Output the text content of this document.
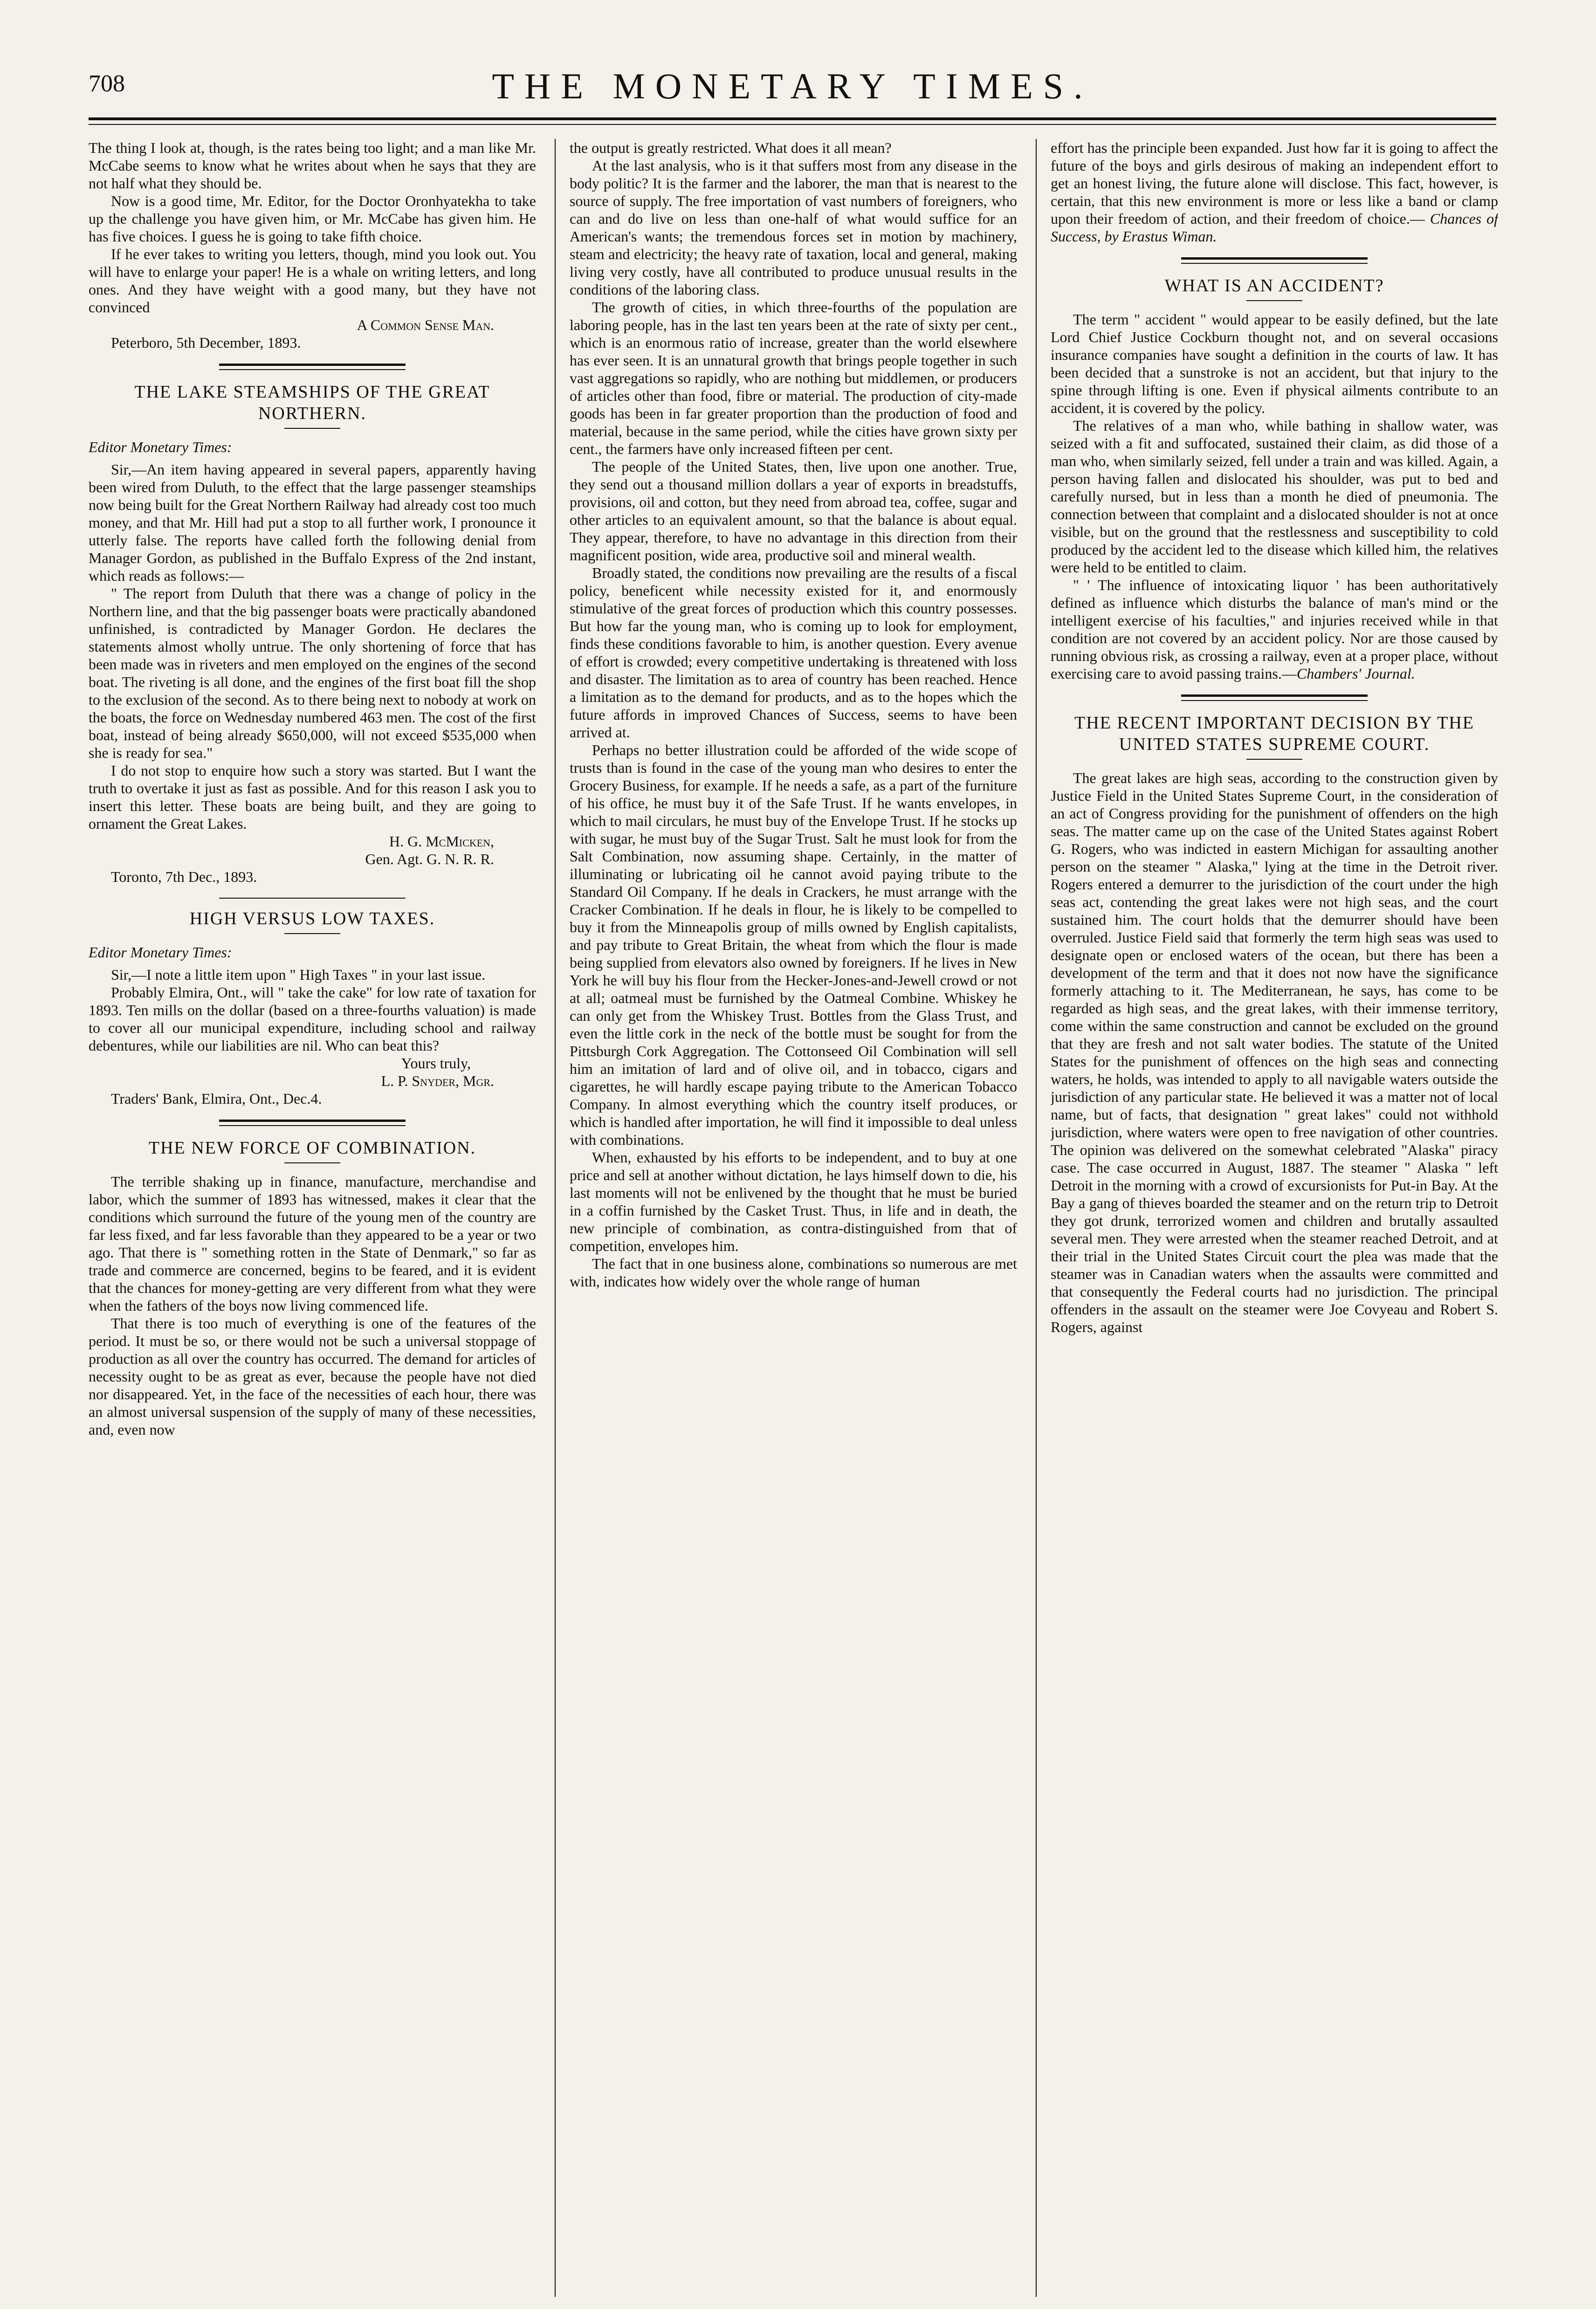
708	THE MONETARY TIMES.

The thing I look at, though, is the rates being too light; and a man like Mr. McCabe seems to know what he writes about when he says that they are not half what they should be.

Now is a good time, Mr. Editor, for the Doctor Oronhyatekha to take up the challenge you have given him, or Mr. McCabe has given him. He has five choices. I guess he is going to take fifth choice.

If he ever takes to writing you letters, though, mind you look out. You will have to enlarge your paper! He is a whale on writing letters, and long ones. And they have weight with a good many, but they have not convinced

A Common Sense Man.

Peterboro, 5th December, 1893.

THE LAKE STEAMSHIPS OF THE GREAT NORTHERN.

Editor Monetary Times:

Sir,—An item having appeared in several papers, apparently having been wired from Duluth, to the effect that the large passenger steamships now being built for the Great Northern Railway had already cost too much money, and that Mr. Hill had put a stop to all further work, I pronounce it utterly false. The reports have called forth the following denial from Manager Gordon, as published in the Buffalo Express of the 2nd instant, which reads as follows:—

" The report from Duluth that there was a change of policy in the Northern line, and that the big passenger boats were practically abandoned unfinished, is contradicted by Manager Gordon. He declares the statements almost wholly untrue. The only shortening of force that has been made was in riveters and men employed on the engines of the second boat. The riveting is all done, and the engines of the first boat fill the shop to the exclusion of the second. As to there being next to nobody at work on the boats, the force on Wednesday numbered 463 men. The cost of the first boat, instead of being already $650,000, will not exceed $535,000 when she is ready for sea."

I do not stop to enquire how such a story was started. But I want the truth to overtake it just as fast as possible. And for this reason I ask you to insert this letter. These boats are being built, and they are going to ornament the Great Lakes.

H. G. McMicken,

Gen. Agt. G. N. R. R.

Toronto, 7th Dec., 1893.

HIGH VERSUS LOW TAXES.

Editor Monetary Times:

Sir,—I note a little item upon " High Taxes " in your last issue.

Probably Elmira, Ont., will " take the cake" for low rate of taxation for 1893. Ten mills on the dollar (based on a three-fourths valuation) is made to cover all our municipal expenditure, including school and railway debentures, while our liabilities are nil. Who can beat this?

Yours truly,

L. P. Snyder, Mgr.

Traders' Bank, Elmira, Ont., Dec.4.

THE NEW FORCE OF COMBINATION.

The terrible shaking up in finance, manufacture, merchandise and labor, which the summer of 1893 has witnessed, makes it clear that the conditions which surround the future of the young men of the country are far less fixed, and far less favorable than they appeared to be a year or two ago. That there is " something rotten in the State of Denmark," so far as trade and commerce are concerned, begins to be feared, and it is evident that the chances for money-getting are very different from what they were when the fathers of the boys now living commenced life.

That there is too much of everything is one of the features of the period. It must be so, or there would not be such a universal stoppage of production as all over the country has occurred. The demand for articles of necessity ought to be as great as ever, because the people have not died nor disappeared. Yet, in the face of the necessities of each hour, there was an almost universal suspension of the supply of many of these necessities, and, even now

the output is greatly restricted. What does it all mean?

At the last analysis, who is it that suffers most from any disease in the body politic? It is the farmer and the laborer, the man that is nearest to the source of supply. The free importation of vast numbers of foreigners, who can and do live on less than one-half of what would suffice for an American's wants; the tremendous forces set in motion by machinery, steam and electricity; the heavy rate of taxation, local and general, making living very costly, have all contributed to produce unusual results in the conditions of the laboring class.

The growth of cities, in which three-fourths of the population are laboring people, has in the last ten years been at the rate of sixty per cent., which is an enormous ratio of increase, greater than the world elsewhere has ever seen. It is an unnatural growth that brings people together in such vast aggregations so rapidly, who are nothing but middlemen, or producers of articles other than food, fibre or material. The production of city-made goods has been in far greater proportion than the production of food and material, because in the same period, while the cities have grown sixty per cent., the farmers have only increased fifteen per cent.

The people of the United States, then, live upon one another. True, they send out a thousand million dollars a year of exports in breadstuffs, provisions, oil and cotton, but they need from abroad tea, coffee, sugar and other articles to an equivalent amount, so that the balance is about equal. They appear, therefore, to have no advantage in this direction from their magnificent position, wide area, productive soil and mineral wealth.

Broadly stated, the conditions now prevailing are the results of a fiscal policy, beneficent while necessity existed for it, and enormously stimulative of the great forces of production which this country possesses. But how far the young man, who is coming up to look for employment, finds these conditions favorable to him, is another question. Every avenue of effort is crowded; every competitive undertaking is threatened with loss and disaster. The limitation as to area of country has been reached. Hence a limitation as to the demand for products, and as to the hopes which the future affords in improved Chances of Success, seems to have been arrived at.

Perhaps no better illustration could be afforded of the wide scope of trusts than is found in the case of the young man who desires to enter the Grocery Business, for example. If he needs a safe, as a part of the furniture of his office, he must buy it of the Safe Trust. If he wants envelopes, in which to mail circulars, he must buy of the Envelope Trust. If he stocks up with sugar, he must buy of the Sugar Trust. Salt he must look for from the Salt Combination, now assuming shape. Certainly, in the matter of illuminating or lubricating oil he cannot avoid paying tribute to the Standard Oil Company. If he deals in Crackers, he must arrange with the Cracker Combination. If he deals in flour, he is likely to be compelled to buy it from the Minneapolis group of mills owned by English capitalists, and pay tribute to Great Britain, the wheat from which the flour is made being supplied from elevators also owned by foreigners. If he lives in New York he will buy his flour from the Hecker-Jones-and-Jewell crowd or not at all; oatmeal must be furnished by the Oatmeal Combine. Whiskey he can only get from the Whiskey Trust. Bottles from the Glass Trust, and even the little cork in the neck of the bottle must be sought for from the Pittsburgh Cork Aggregation. The Cottonseed Oil Combination will sell him an imitation of lard and of olive oil, and in tobacco, cigars and cigarettes, he will hardly escape paying tribute to the American Tobacco Company. In almost everything which the country itself produces, or which is handled after importation, he will find it impossible to deal unless with combinations.

When, exhausted by his efforts to be independent, and to buy at one price and sell at another without dictation, he lays himself down to die, his last moments will not be enlivened by the thought that he must be buried in a coffin furnished by the Casket Trust. Thus, in life and in death, the new principle of combination, as contra-distinguished from that of competition, envelopes him.

The fact that in one business alone, combinations so numerous are met with, indicates how widely over the whole range of human

effort has the principle been expanded. Just how far it is going to affect the future of the boys and girls desirous of making an independent effort to get an honest living, the future alone will disclose. This fact, however, is certain, that this new environment is more or less like a band or clamp upon their freedom of action, and their freedom of choice.— Chances of Success, by Erastus Wiman.

WHAT IS AN ACCIDENT?

The term " accident " would appear to be easily defined, but the late Lord Chief Justice Cockburn thought not, and on several occasions insurance companies have sought a definition in the courts of law. It has been decided that a sunstroke is not an accident, but that injury to the spine through lifting is one. Even if physical ailments contribute to an accident, it is covered by the policy.

The relatives of a man who, while bathing in shallow water, was seized with a fit and suffocated, sustained their claim, as did those of a man who, when similarly seized, fell under a train and was killed. Again, a person having fallen and dislocated his shoulder, was put to bed and carefully nursed, but in less than a month he died of pneumonia. The connection between that complaint and a dislocated shoulder is not at once visible, but on the ground that the restlessness and susceptibility to cold produced by the accident led to the disease which killed him, the relatives were held to be entitled to claim.

" ' The influence of intoxicating liquor ' has been authoritatively defined as influence which disturbs the balance of man's mind or the intelligent exercise of his faculties," and injuries received while in that condition are not covered by an accident policy. Nor are those caused by running obvious risk, as crossing a railway, even at a proper place, without exercising care to avoid passing trains.—Chambers' Journal.

THE RECENT IMPORTANT DECISION BY THE UNITED STATES SUPREME COURT.

The great lakes are high seas, according to the construction given by Justice Field in the United States Supreme Court, in the consideration of an act of Congress providing for the punishment of offenders on the high seas. The matter came up on the case of the United States against Robert G. Rogers, who was indicted in eastern Michigan for assaulting another person on the steamer " Alaska," lying at the time in the Detroit river. Rogers entered a demurrer to the jurisdiction of the court under the high seas act, contending the great lakes were not high seas, and the court sustained him. The court holds that the demurrer should have been overruled. Justice Field said that formerly the term high seas was used to designate open or enclosed waters of the ocean, but there has been a development of the term and that it does not now have the significance formerly attaching to it. The Mediterranean, he says, has come to be regarded as high seas, and the great lakes, with their immense territory, come within the same construction and cannot be excluded on the ground that they are fresh and not salt water bodies. The statute of the United States for the punishment of offences on the high seas and connecting waters, he holds, was intended to apply to all navigable waters outside the jurisdiction of any particular state. He believed it was a matter not of local name, but of facts, that designation " great lakes" could not withhold jurisdiction, where waters were open to free navigation of other countries. The opinion was delivered on the somewhat celebrated "Alaska" piracy case. The case occurred in August, 1887. The steamer " Alaska " left Detroit in the morning with a crowd of excursionists for Put-in Bay. At the Bay a gang of thieves boarded the steamer and on the return trip to Detroit they got drunk, terrorized women and children and brutally assaulted several men. They were arrested when the steamer reached Detroit, and at their trial in the United States Circuit court the plea was made that the steamer was in Canadian waters when the assaults were committed and that consequently the Federal courts had no jurisdiction. The principal offenders in the assault on the steamer were Joe Covyeau and Robert S. Rogers, against
